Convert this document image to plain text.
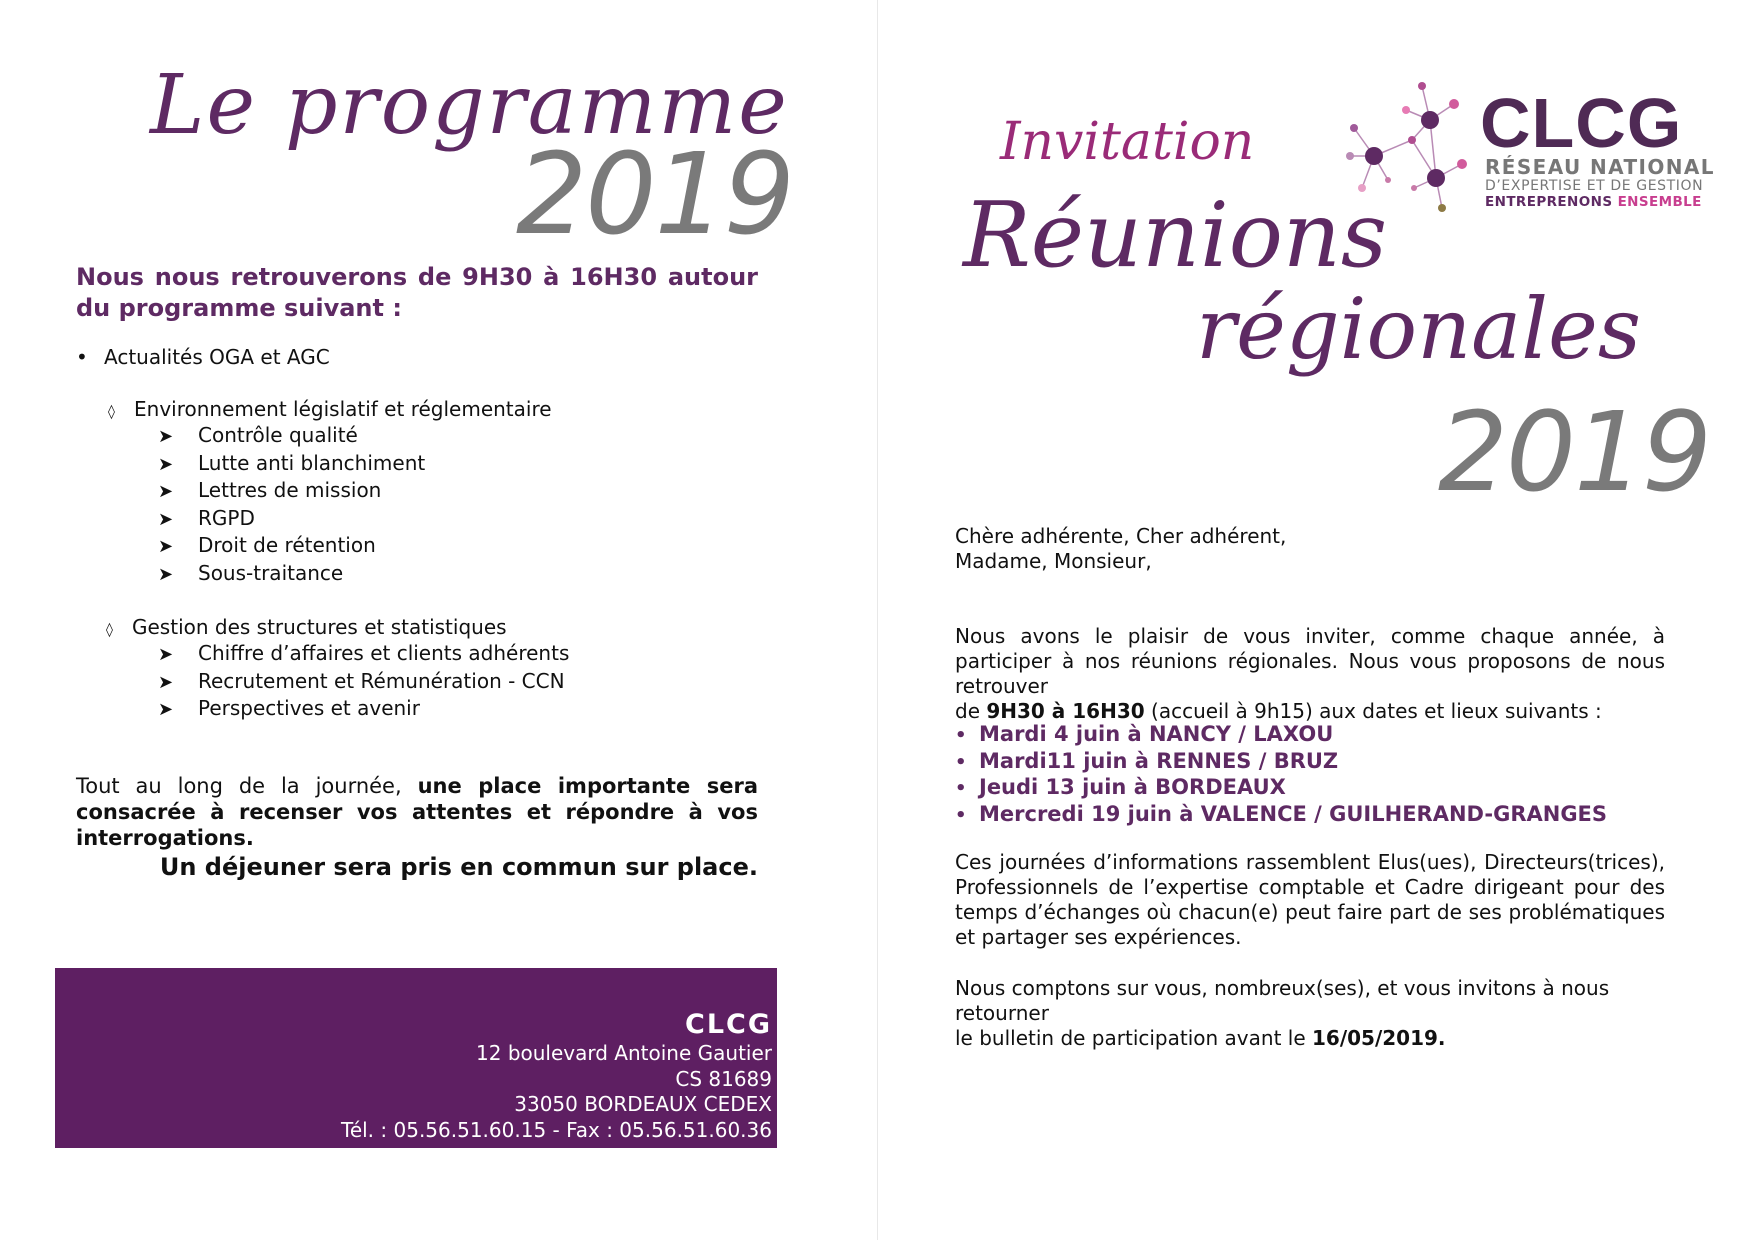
Le programme
2019
Nous nous retrouverons de 9H30 à 16H30 autour du programme suivant :
• Actualités OGA et AGC
◊ Environnement législatif et réglementaire
➤ Contrôle qualité
➤ Lutte anti blanchiment
➤ Lettres de mission
➤ RGPD
➤ Droit de rétention
➤ Sous-traitance
◊ Gestion des structures et statistiques
➤ Chiffre d’affaires et clients adhérents
➤ Recrutement et Rémunération - CCN
➤ Perspectives et avenir
Tout au long de la journée, une place importante sera consacrée à recenser vos attentes et répondre à vos interrogations.
Un déjeuner sera pris en commun sur place.
CLCG
12 boulevard Antoine Gautier
CS 81689
33050 BORDEAUX CEDEX
Tél. : 05.56.51.60.15 - Fax : 05.56.51.60.36
CLCG
RÉSEAU NATIONAL
D’EXPERTISE ET DE GESTION
ENTREPRENONS ENSEMBLE
Invitation
Réunions
régionales
2019
Chère adhérente, Cher adhérent,
Madame, Monsieur,
Nous avons le plaisir de vous inviter, comme chaque année, à participer à nos réunions régionales. Nous vous proposons de nous retrouver
de 9H30 à 16H30 (accueil à 9h15) aux dates et lieux suivants :
• Mardi 4 juin à NANCY / LAXOU
• Mardi11 juin à RENNES / BRUZ
• Jeudi 13 juin à BORDEAUX
• Mercredi 19 juin à VALENCE / GUILHERAND-GRANGES
Ces journées d’informations rassemblent Elus(ues), Directeurs(trices), Professionnels de l’expertise comptable et Cadre dirigeant pour des temps d’échanges où chacun(e) peut faire part de ses problématiques et partager ses expériences.
Nous comptons sur vous, nombreux(ses), et vous invitons à nous retourner
le bulletin de participation avant le 16/05/2019.
